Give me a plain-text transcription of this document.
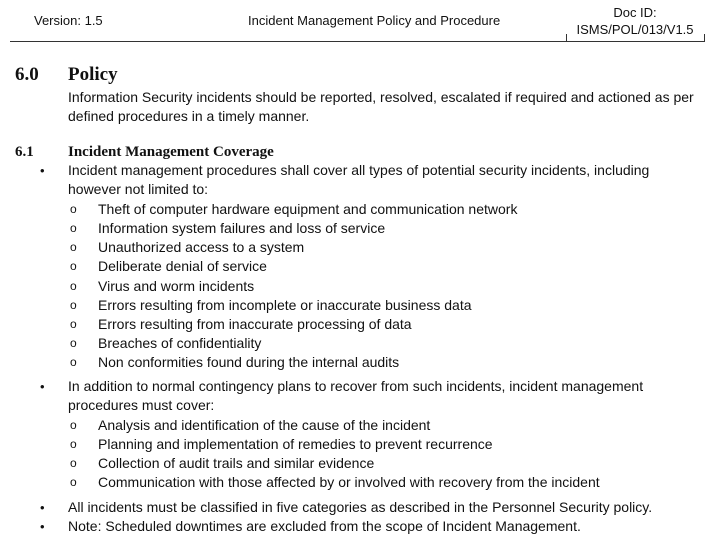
Version: 1.5	Incident Management Policy and Procedure
Doc ID:
ISMS/POL/013/V1.5
6.0 Policy

Information Security incidents should be reported, resolved, escalated if required and actioned as per defined procedures in a timely manner.

6.1 Incident Management Coverage
• Incident management procedures shall cover all types of potential security incidents, including however not limited to:
o Theft of computer hardware equipment and communication network
o Information system failures and loss of service
o Unauthorized access to a system
o Deliberate denial of service
o Virus and worm incidents
o Errors resulting from incomplete or inaccurate business data
o Errors resulting from inaccurate processing of data
o Breaches of confidentiality
o Non conformities found during the internal audits
• In addition to normal contingency plans to recover from such incidents, incident management procedures must cover:
o Analysis and identification of the cause of the incident
o Planning and implementation of remedies to prevent recurrence
o Collection of audit trails and similar evidence
o Communication with those affected by or involved with recovery from the incident
• All incidents must be classified in five categories as described in the Personnel Security policy.
• Note: Scheduled downtimes are excluded from the scope of Incident Management.
